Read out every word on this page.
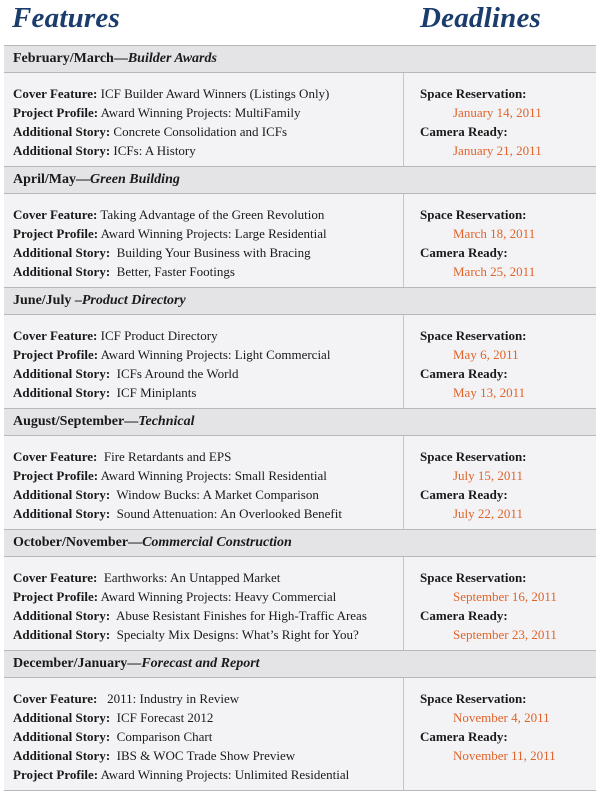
Features	Deadlines
February/March—Builder Awards
Cover Feature: ICF Builder Award Winners (Listings Only)
Project Profile: Award Winning Projects: MultiFamily
Additional Story: Concrete Consolidation and ICFs
Additional Story: ICFs: A History
Space Reservation:
January 14, 2011
Camera Ready:
January 21, 2011
April/May—Green Building
Cover Feature: Taking Advantage of the Green Revolution
Project Profile: Award Winning Projects: Large Residential
Additional Story:  Building Your Business with Bracing
Additional Story:  Better, Faster Footings
Space Reservation:
March 18, 2011
Camera Ready:
March 25, 2011
June/July –Product Directory
Cover Feature: ICF Product Directory
Project Profile: Award Winning Projects: Light Commercial
Additional Story:  ICFs Around the World
Additional Story:  ICF Miniplants
Space Reservation:
May 6, 2011
Camera Ready:
May 13, 2011
August/September—Technical
Cover Feature:  Fire Retardants and EPS
Project Profile: Award Winning Projects: Small Residential
Additional Story:  Window Bucks: A Market Comparison
Additional Story:  Sound Attenuation: An Overlooked Benefit
Space Reservation:
July 15, 2011
Camera Ready:
July 22, 2011
October/November—Commercial Construction
Cover Feature:  Earthworks: An Untapped Market
Project Profile: Award Winning Projects: Heavy Commercial
Additional Story:  Abuse Resistant Finishes for High-Traffic Areas
Additional Story:  Specialty Mix Designs: What’s Right for You?
Space Reservation:
September 16, 2011
Camera Ready:
September 23, 2011
December/January—Forecast and Report
Cover Feature:   2011: Industry in Review
Additional Story:  ICF Forecast 2012
Additional Story:  Comparison Chart
Additional Story:  IBS & WOC Trade Show Preview
Project Profile: Award Winning Projects: Unlimited Residential
Space Reservation:
November 4, 2011
Camera Ready:
November 11, 2011
